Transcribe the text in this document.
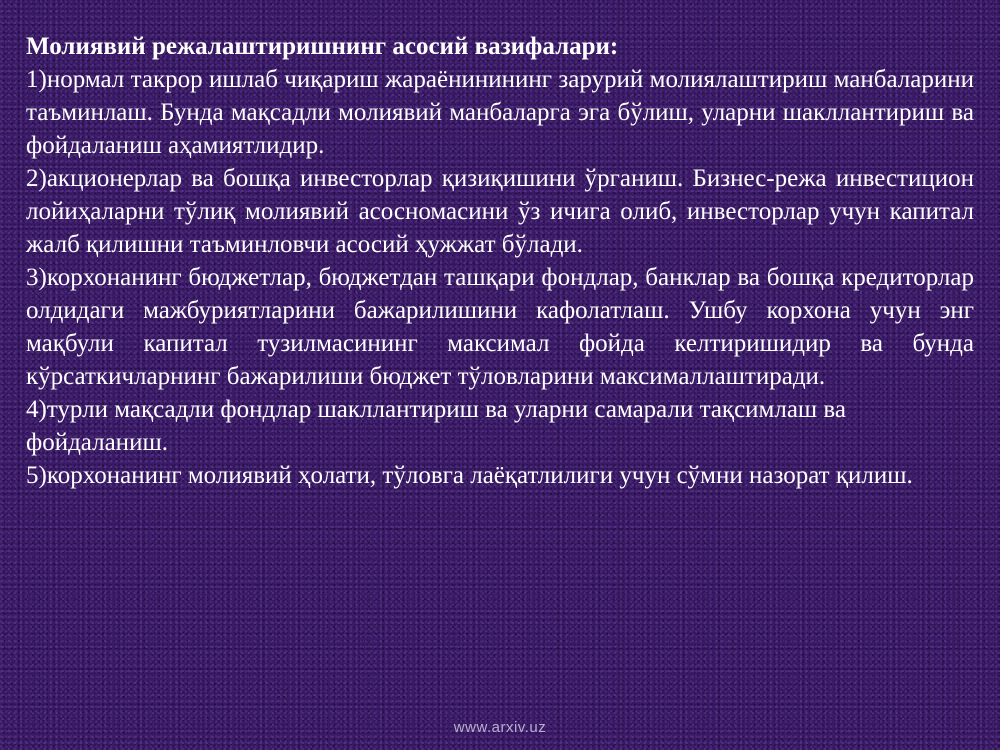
Молиявий режалаштиришнинг асосий вазифалари:

1)нормал такрор ишлаб чиқариш жараёнинининг зарурий молиялаштириш манбаларини таъминлаш. Бунда мақсадли молиявий манбаларга эга бўлиш, уларни шакллантириш ва фойдаланиш аҳамиятлидир.

2)акционерлар ва бошқа инвесторлар қизиқишини ўрганиш. Бизнес-режа инвестицион лойиҳаларни тўлиқ молиявий асосномасини ўз ичига олиб, инвесторлар учун капитал жалб қилишни таъминловчи асосий ҳужжат бўлади.

3)корхонанинг бюджетлар, бюджетдан ташқари фондлар, банклар ва бошқа кредиторлар олдидаги мажбуриятларини бажарилишини кафолатлаш. Ушбу корхона учун энг мақбули капитал тузилмасининг максимал фойда келтиришидир ва бунда кўрсаткичларнинг бажарилиши бюджет тўловларини максималлаштиради.

4)турли мақсадли фондлар шакллантириш ва уларни самарали тақсимлаш ва фойдаланиш.

5)корхонанинг молиявий ҳолати, тўловга лаёқатлилиги учун сўмни назорат қилиш.

www.arxiv.uz
